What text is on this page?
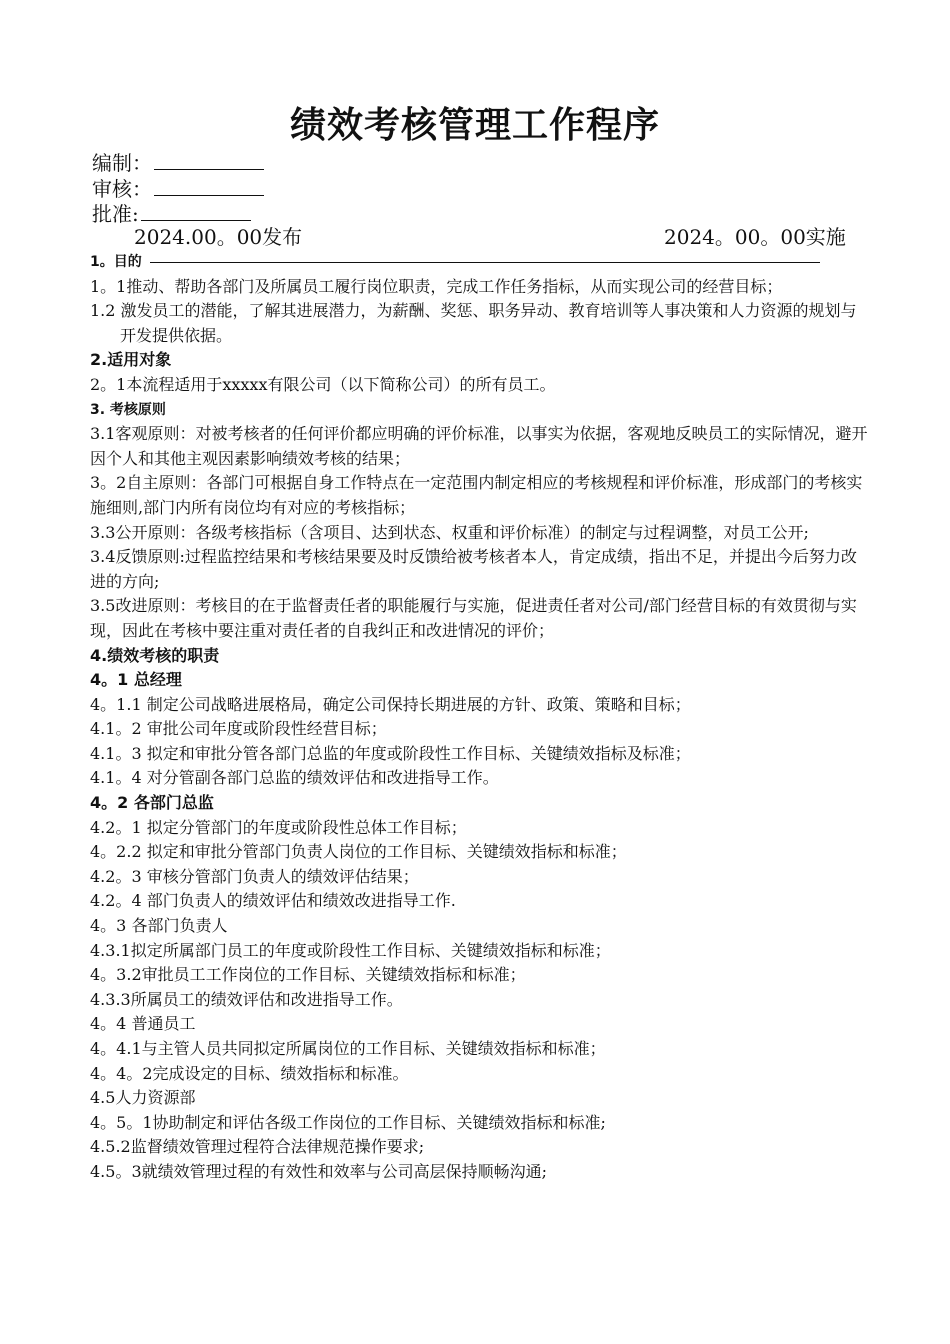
绩效考核管理工作程序
编制：
审核：
批准:
2024.00。00发布	2024。00。00实施
1。目的
1。1推动、帮助各部门及所属员工履行岗位职责，完成工作任务指标，从而实现公司的经营目标；
1.2 激发员工的潜能，了解其进展潜力，为薪酬、奖惩、职务异动、教育培训等人事决策和人力资源的规划与开发提供依据。
2.适用对象
2。1本流程适用于xxxxx有限公司（以下简称公司）的所有员工。
3. 考核原则
3.1客观原则：对被考核者的任何评价都应明确的评价标准，以事实为依据，客观地反映员工的实际情况，避开因个人和其他主观因素影响绩效考核的结果；
3。2自主原则：各部门可根据自身工作特点在一定范围内制定相应的考核规程和评价标准，形成部门的考核实施细则,部门内所有岗位均有对应的考核指标；
3.3公开原则：各级考核指标（含项目、达到状态、权重和评价标准）的制定与过程调整，对员工公开;
3.4反馈原则:过程监控结果和考核结果要及时反馈给被考核者本人，肯定成绩，指出不足，并提出今后努力改进的方向;
3.5改进原则：考核目的在于监督责任者的职能履行与实施，促进责任者对公司/部门经营目标的有效贯彻与实现，因此在考核中要注重对责任者的自我纠正和改进情况的评价；
4.绩效考核的职责
4。1 总经理
4。1.1 制定公司战略进展格局，确定公司保持长期进展的方针、政策、策略和目标；
4.1。2 审批公司年度或阶段性经营目标；
4.1。3 拟定和审批分管各部门总监的年度或阶段性工作目标、关键绩效指标及标准；
4.1。4 对分管副各部门总监的绩效评估和改进指导工作。
4。2 各部门总监
4.2。1 拟定分管部门的年度或阶段性总体工作目标；
4。2.2 拟定和审批分管部门负责人岗位的工作目标、关键绩效指标和标准；
4.2。3 审核分管部门负责人的绩效评估结果；
4.2。4 部门负责人的绩效评估和绩效改进指导工作.
4。3 各部门负责人
4.3.1拟定所属部门员工的年度或阶段性工作目标、关键绩效指标和标准；
4。3.2审批员工工作岗位的工作目标、关键绩效指标和标准；
4.3.3所属员工的绩效评估和改进指导工作。
4。4 普通员工
4。4.1与主管人员共同拟定所属岗位的工作目标、关键绩效指标和标准；
4。4。2完成设定的目标、绩效指标和标准。
4.5人力资源部
4。5。1协助制定和评估各级工作岗位的工作目标、关键绩效指标和标准;
4.5.2监督绩效管理过程符合法律规范操作要求;
4.5。3就绩效管理过程的有效性和效率与公司高层保持顺畅沟通;
